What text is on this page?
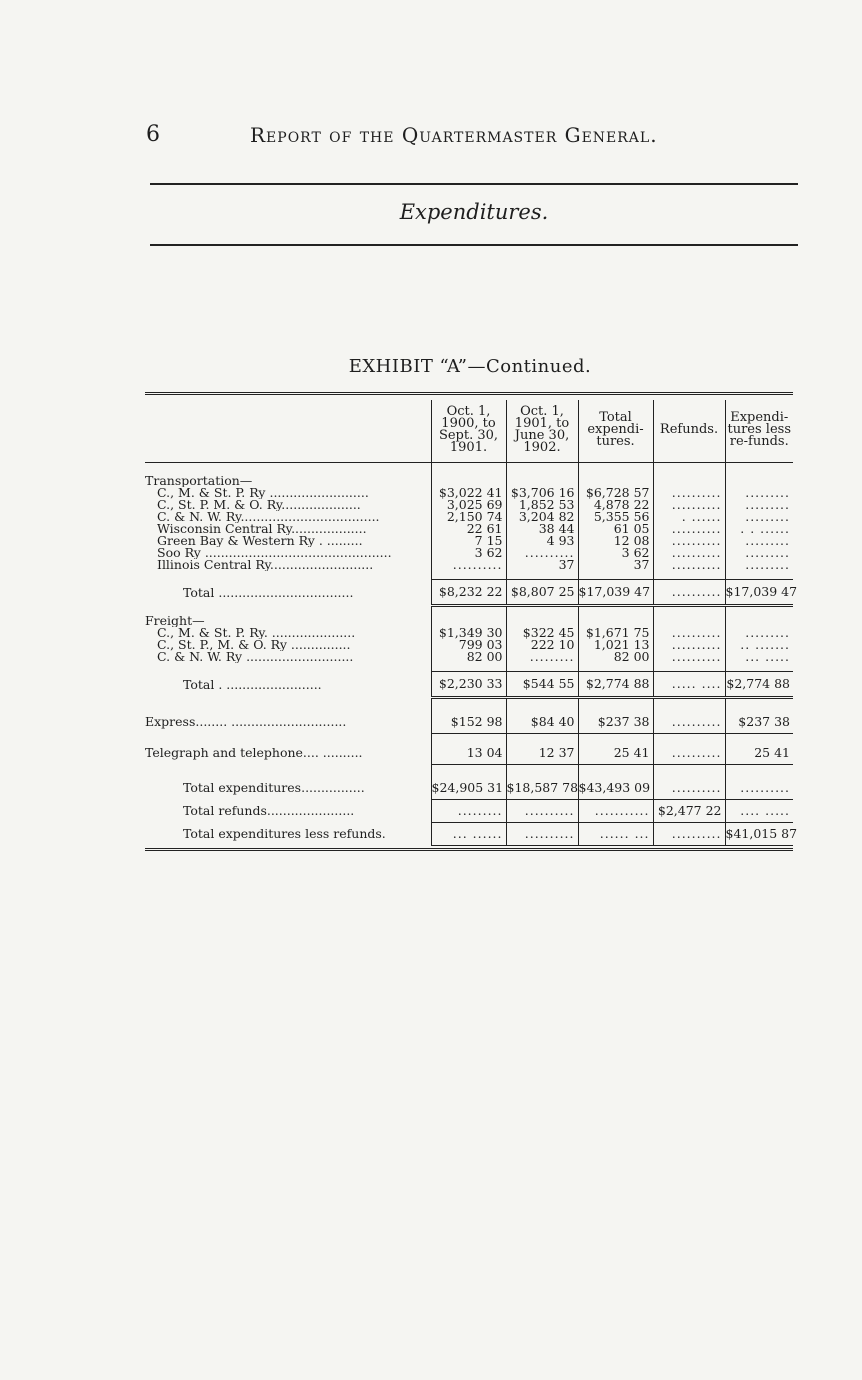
6	Report of the Quartermaster General.
Expenditures.
EXHIBIT “A”—Continued.
	Oct. 1, 1900, to Sept. 30, 1901.	Oct. 1, 1901, to June 30, 1902.	Total expendi-tures.	Refunds.	Expendi-tures less re-funds.

Transportation—					
C., M. & St. P. Ry .........................	$3,022 41	$3,706 16	$6,728 57	..........	.........
C., St. P. M. & O. Ry....................	3,025 69	1,852 53	4,878 22	..........	.........
C. & N. W. Ry...................................	2,150 74	3,204 82	5,355 56	. ......	.........
Wisconsin Central Ry...................	22 61	38 44	61 05	..........	. . ......
Green Bay & Western Ry . .........	7 15	4 93	12 08	..........	.........
Soo Ry ...............................................	3 62	..........	3 62	..........	.........
Illinois Central Ry..........................	..........	37	37	..........	.........

Total ..................................	$8,232 22	$8,807 25	$17,039 47	..........	$17,039 47

Freight—					
C., M. & St. P. Ry. .....................	$1,349 30	$322 45	$1,671 75	..........	.........
C., St. P., M. & O. Ry ...............	799 03	222 10	1,021 13	..........	.. .......
C. & N. W. Ry ...........................	82 00	.........	82 00	..........	... .....

Total . ........................	$2,230 33	$544 55	$2,774 88	..... ....	$2,774 88

Express........ .............................	$152 98	$84 40	$237 38	..........	$237 38

Telegraph and telephone.... ..........	13 04	12 37	25 41	..........	25 41

Total expenditures................	$24,905 31	$18,587 78	$43,493 09	..........	..........
Total refunds......................	.........	..........	...........	$2,477 22	.... .....
Total expenditures less refunds.	... ......	..........	...... ...	..........	$41,015 87
